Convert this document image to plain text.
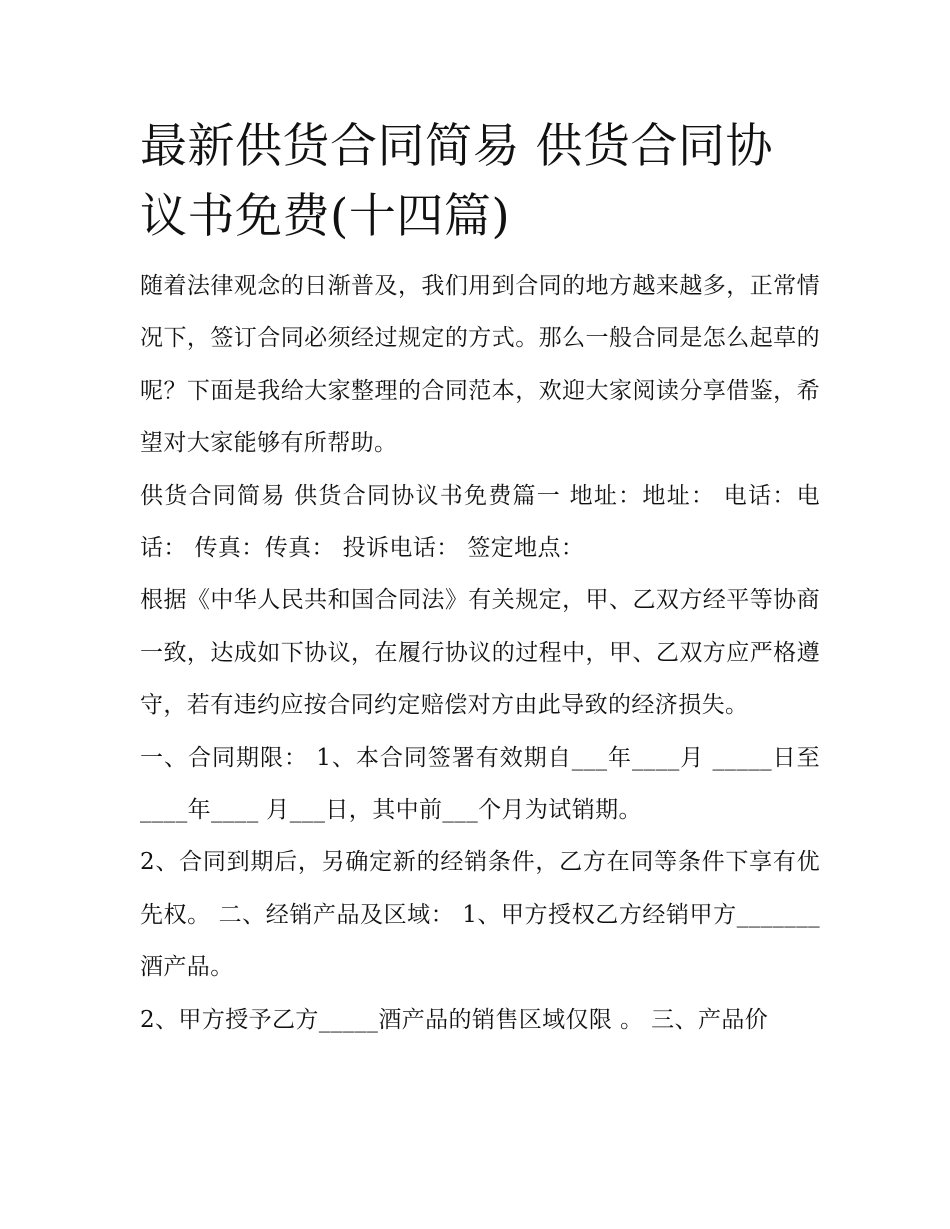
最新供货合同简易 供货合同协议书免费(十四篇)

随着法律观念的日渐普及，我们用到合同的地方越来越多，正常情况下，签订合同必须经过规定的方式。那么一般合同是怎么起草的呢？下面是我给大家整理的合同范本，欢迎大家阅读分享借鉴，希望对大家能够有所帮助。

供货合同简易 供货合同协议书免费篇一 地址：地址： 电话：电话： 传真：传真： 投诉电话： 签定地点：

根据《中华人民共和国合同法》有关规定，甲、乙双方经平等协商一致，达成如下协议，在履行协议的过程中，甲、乙双方应严格遵守，若有违约应按合同约定赔偿对方由此导致的经济损失。

一、合同期限： 1、本合同签署有效期自___年____月 _____日至____年____ 月___日，其中前___个月为试销期。

2、合同到期后，另确定新的经销条件，乙方在同等条件下享有优先权。 二、经销产品及区域： 1、甲方授权乙方经销甲方_______酒产品。

2、甲方授予乙方_____酒产品的销售区域仅限 。 三、产品价
